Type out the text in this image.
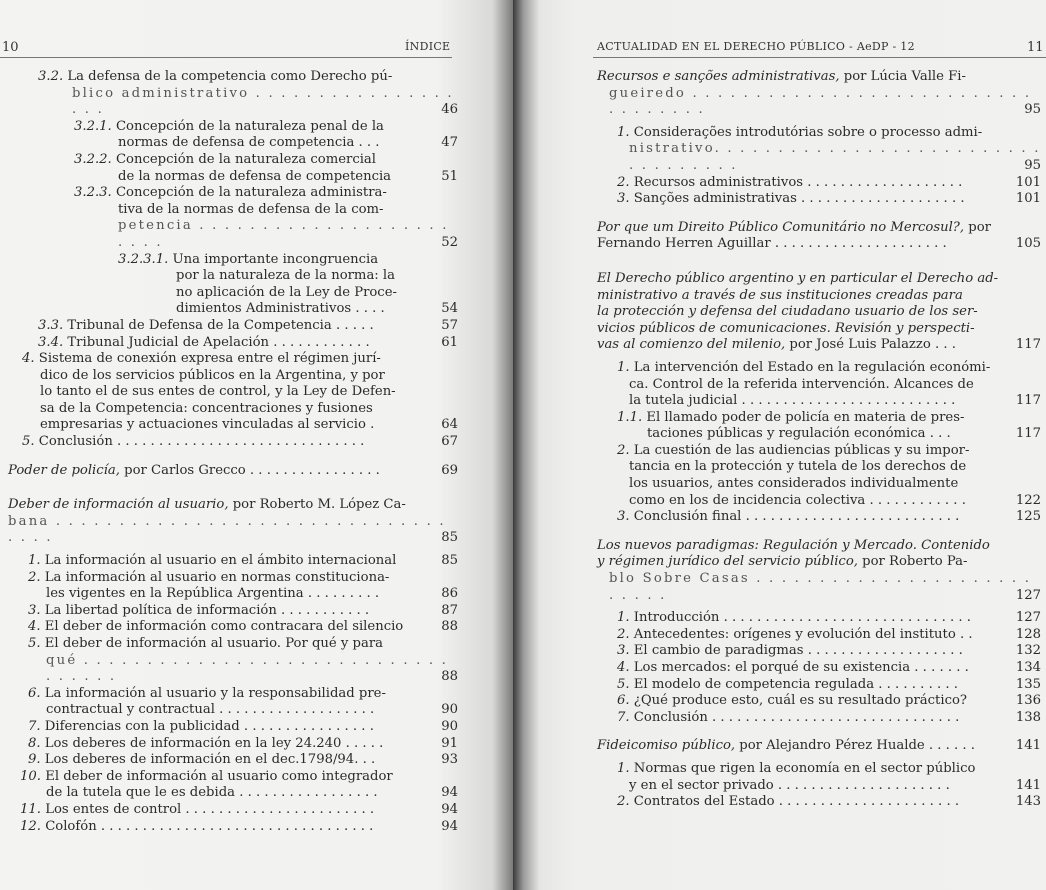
10	ÍNDICE
3.2. La defensa de la competencia como Derecho pú-
blico administrativo . . . . . . . . . . . . . . . . . . .	46
3.2.1. Concepción de la naturaleza penal de la
normas de defensa de competencia . . .	47
3.2.2. Concepción de la naturaleza comercial
de la normas de defensa de competencia	51
3.2.3. Concepción de la naturaleza administra-
tiva de la normas de defensa de la com-
petencia . . . . . . . . . . . . . . . . . . . . . . . .	52
3.2.3.1. Una importante incongruencia
por la naturaleza de la norma: la
no aplicación de la Ley de Proce-
dimientos Administrativos . . . .	54
3.3. Tribunal de Defensa de la Competencia . . . . .	57
3.4. Tribunal Judicial de Apelación . . . . . . . . . . . .	61
4. Sistema de conexión expresa entre el régimen jurí-
dico de los servicios públicos en la Argentina, y por
lo tanto el de sus entes de control, y la Ley de Defen-
sa de la Competencia: concentraciones y fusiones
empresarias y actuaciones vinculadas al servicio .	64
5. Conclusión . . . . . . . . . . . . . . . . . . . . . . . . . . . . . .	67
Poder de policía, por Carlos Grecco . . . . . . . . . . . . . . . .	69
Deber de información al usuario, por Roberto M. López Ca-
bana . . . . . . . . . . . . . . . . . . . . . . . . . . . . . . . . . . .	85
1. La información al usuario en el ámbito internacional	85
2. La información al usuario en normas constituciona-
les vigentes en la República Argentina . . . . . . . . .	86
3. La libertad política de información . . . . . . . . . . .	87
4. El deber de información como contracara del silencio	88
5. El deber de información al usuario. Por qué y para
qué . . . . . . . . . . . . . . . . . . . . . . . . . . . . . . . . . . .	88
6. La información al usuario y la responsabilidad pre-
contractual y contractual . . . . . . . . . . . . . . . . . . .	90
7. Diferencias con la publicidad . . . . . . . . . . . . . . . .	90
8. Los deberes de información en la ley 24.240 . . . . .	91
9. Los deberes de información en el dec.1798/94. . .	93
10. El deber de información al usuario como integrador
de la tutela que le es debida . . . . . . . . . . . . . . . . .	94
11. Los entes de control . . . . . . . . . . . . . . . . . . . . . . .	94
12. Colofón . . . . . . . . . . . . . . . . . . . . . . . . . . . . . . . . .	94
ACTUALIDAD EN EL DERECHO PÚBLICO - AeDP - 12	11
Recursos e sanções administrativas, por Lúcia Valle Fi-
gueiredo . . . . . . . . . . . . . . . . . . . . . . . . . . . . . . . . . . .	95
1. Considerações introdutórias sobre o processo admi-
nistrativo. . . . . . . . . . . . . . . . . . . . . . . . . . . . . . . . . . .	95
2. Recursos administrativos . . . . . . . . . . . . . . . . . . .	101
3. Sanções administrativas . . . . . . . . . . . . . . . . . . . .	101
Por que um Direito Público Comunitário no Mercosul?, por
Fernando Herren Aguillar . . . . . . . . . . . . . . . . . . . . .	105
El Derecho público argentino y en particular el Derecho ad-
ministrativo a través de sus instituciones creadas para
la protección y defensa del ciudadano usuario de los ser-
vicios públicos de comunicaciones. Revisión y perspecti-
vas al comienzo del milenio, por José Luis Palazzo . . .	117
1. La intervención del Estado en la regulación económi-
ca. Control de la referida intervención. Alcances de
la tutela judicial . . . . . . . . . . . . . . . . . . . . . . . . . .	117
1.1. El llamado poder de policía en materia de pres-
taciones públicas y regulación económica . . .	117
2. La cuestión de las audiencias públicas y su impor-
tancia en la protección y tutela de los derechos de
los usuarios, antes considerados individualmente
como en los de incidencia colectiva . . . . . . . . . . . .	122
3. Conclusión final . . . . . . . . . . . . . . . . . . . . . . . . . .	125
Los nuevos paradigmas: Regulación y Mercado. Contenido
y régimen jurídico del servicio público, por Roberto Pa-
blo Sobre Casas . . . . . . . . . . . . . . . . . . . . . . . . . . .	127
1. Introducción . . . . . . . . . . . . . . . . . . . . . . . . . . . . . .	127
2. Antecedentes: orígenes y evolución del instituto . .	128
3. El cambio de paradigmas . . . . . . . . . . . . . . . . . . .	132
4. Los mercados: el porqué de su existencia . . . . . . .	134
5. El modelo de competencia regulada . . . . . . . . . .	135
6. ¿Qué produce esto, cuál es su resultado práctico?	136
7. Conclusión . . . . . . . . . . . . . . . . . . . . . . . . . . . . . .	138
Fideicomiso público, por Alejandro Pérez Hualde . . . . . .	141
1. Normas que rigen la economía en el sector público
y en el sector privado . . . . . . . . . . . . . . . . . . . . .	141
2. Contratos del Estado . . . . . . . . . . . . . . . . . . . . . .	143
